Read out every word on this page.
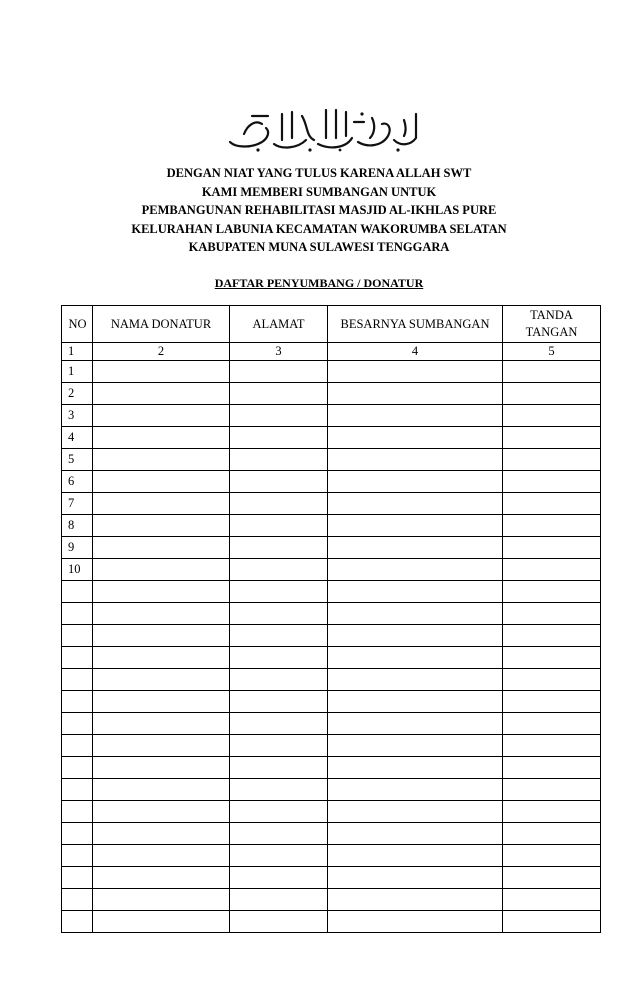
DENGAN NIAT YANG TULUS KARENA ALLAH SWT
KAMI MEMBERI SUMBANGAN UNTUK
PEMBANGUNAN REHABILITASI MASJID AL-IKHLAS PURE
KELURAHAN LABUNIA KECAMATAN WAKORUMBA SELATAN
KABUPATEN MUNA SULAWESI TENGGARA
DAFTAR PENYUMBANG / DONATUR
NO	NAMA DONATUR	ALAMAT	BESARNYA SUMBANGAN	TANDA TANGAN
1	2	3	4	5
1				
2				
3				
4				
5				
6				
7				
8				
9				
10				
